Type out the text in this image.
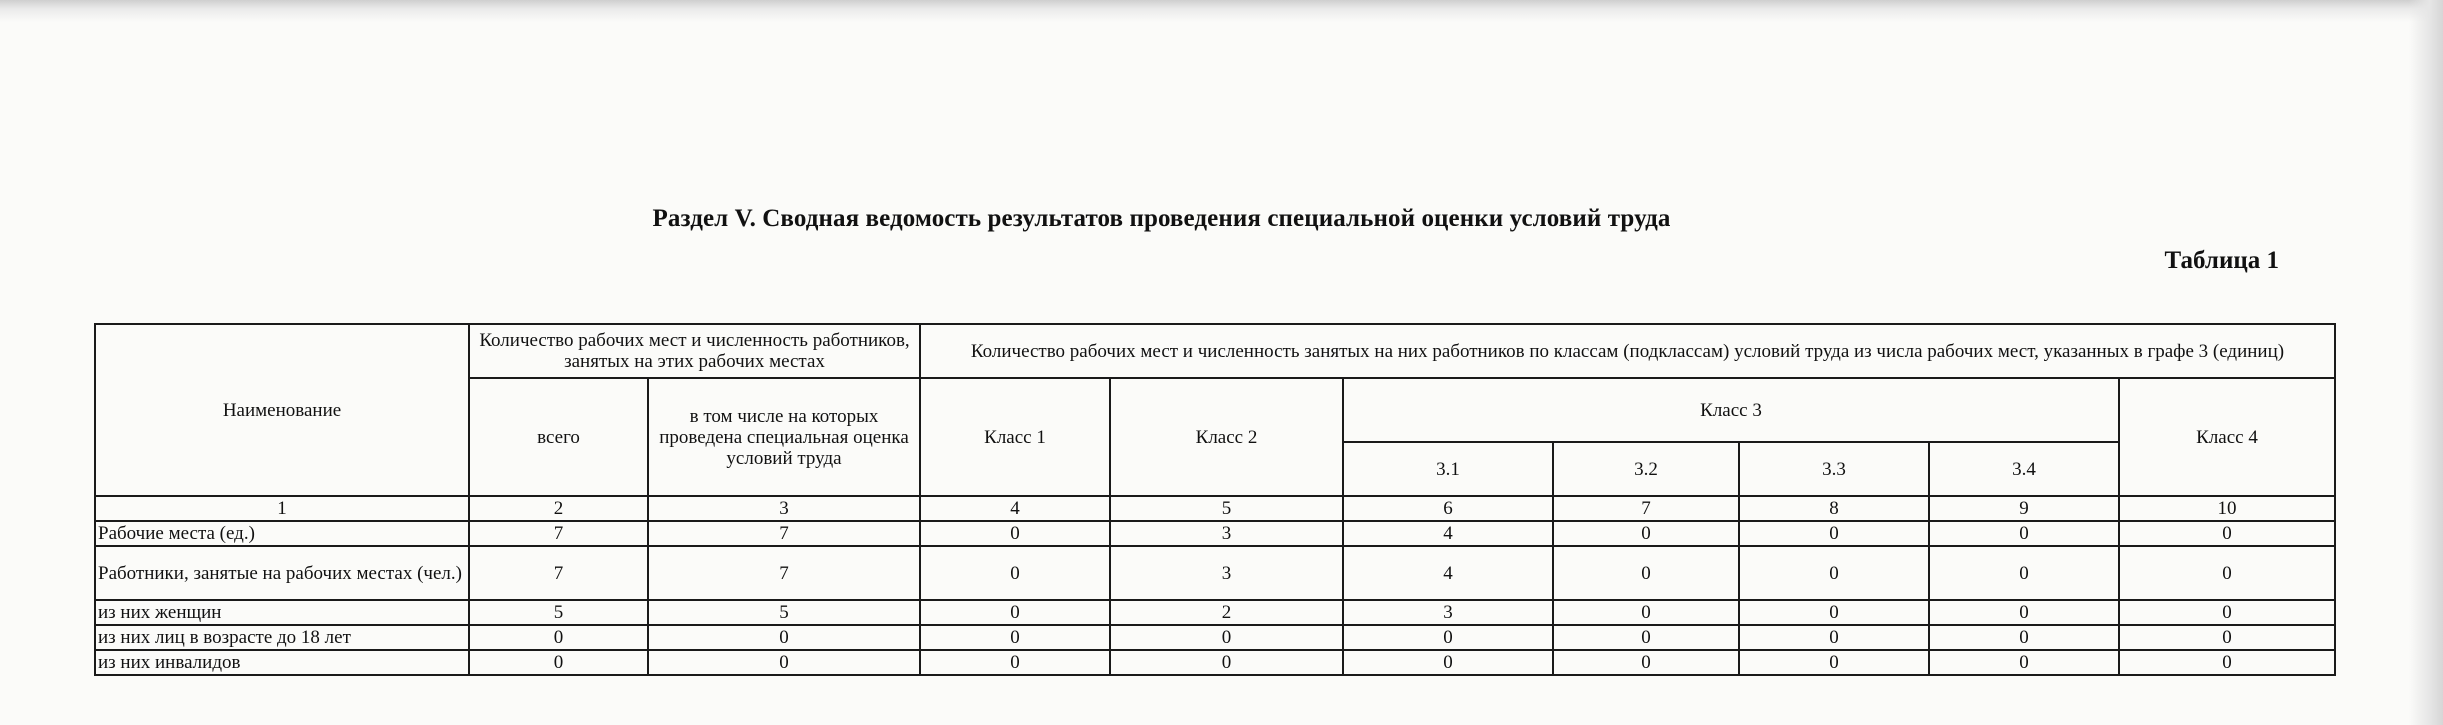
Раздел V. Сводная ведомость результатов проведения специальной оценки условий труда
Таблица 1
Наименование	Количество рабочих мест и численность работников, занятых на этих рабочих местах		Количество рабочих мест и численность занятых на них работников по классам (подклассам) условий труда из числа рабочих мест, указанных в графе 3 (единиц)						
	всего	в том числе на которых проведена специальная оценка условий труда	Класс 1	Класс 2	Класс 3				Класс 4
					3.1	3.2	3.3	3.4	
1	2	3	4	5	6	7	8	9	10
Рабочие места (ед.)	7	7	0	3	4	0	0	0	0
Работники, занятые на рабочих местах (чел.)	7	7	0	3	4	0	0	0	0
из них женщин	5	5	0	2	3	0	0	0	0
из них лиц в возрасте до 18 лет	0	0	0	0	0	0	0	0	0
из них инвалидов	0	0	0	0	0	0	0	0	0
